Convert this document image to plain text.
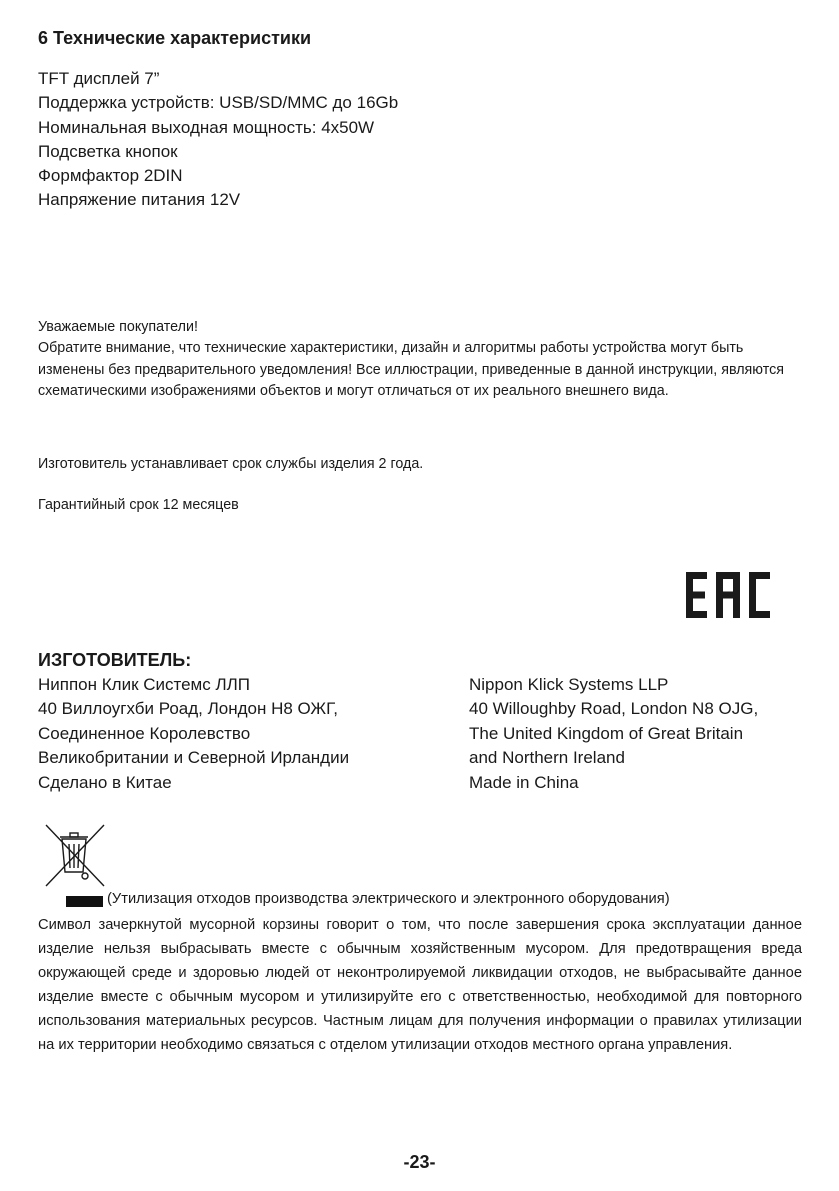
6 Технические характеристики
TFT дисплей 7”
Поддержка устройств: USB/SD/MMC до 16Gb
Номинальная выходная мощность: 4x50W
Подсветка кнопок
Формфактор 2DIN
Напряжение питания 12V
Уважаемые покупатели!
Обратите внимание, что технические характеристики, дизайн и алгоритмы работы устройства могут быть изменены без предварительного уведомления! Все иллюстрации, приведенные в данной инструкции, являются схематическими изображениями объектов и могут отличаться от их реального внешнего вида.
Изготовитель устанавливает срок службы изделия 2 года.
Гарантийный срок 12 месяцев
ИЗГОТОВИТЕЛЬ:
Ниппон Клик Системс ЛЛП
40 Виллоугхби Роад, Лондон Н8 ОЖГ,
Соединенное Королевство
Великобритании и Северной Ирландии
Сделано в Китае
Nippon Klick Systems LLP
40 Willoughby Road, London N8 OJG,
The United Kingdom of Great Britain
and Northern Ireland
Made in China
(Утилизация отходов производства электрического и электронного оборудования)
Символ зачеркнутой мусорной корзины говорит о том, что после завершения срока эксплуатации данное изделие нельзя выбрасывать вместе с обычным хозяйственным мусором. Для предотвращения вреда окружающей среде и здоровью людей от неконтролируемой ликвидации отходов, не выбрасывайте данное изделие вместе с обычным мусором и утилизируйте его с ответственностью, необходимой для повторного использования материальных ресурсов. Частным лицам для получения информации о правилах утилизации на их территории необходимо связаться с отделом утилизации отходов местного органа управления.
-23-
